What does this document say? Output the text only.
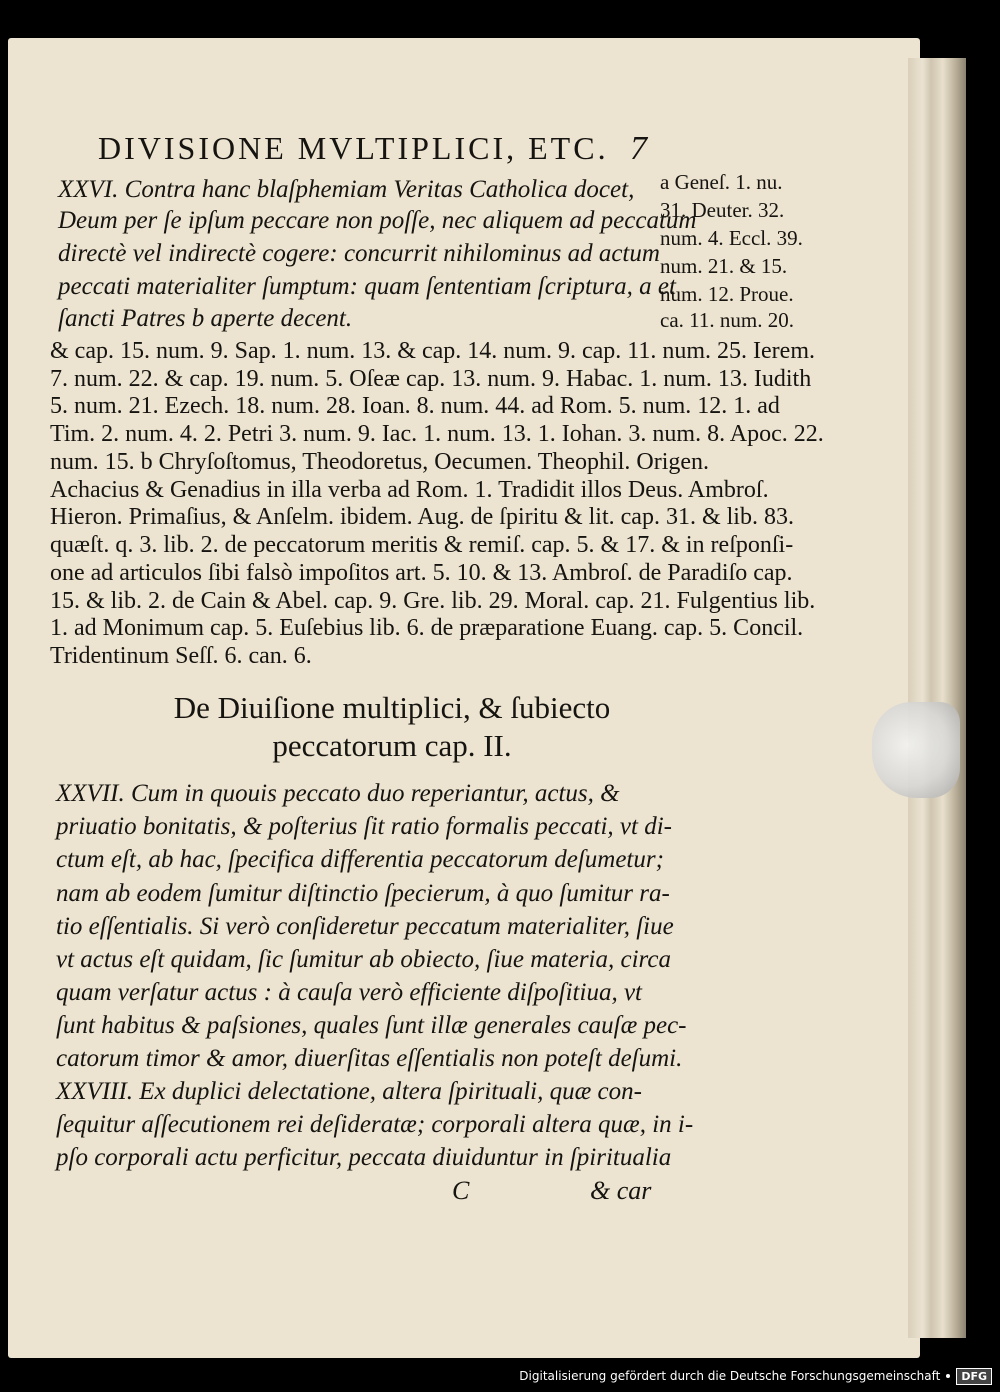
DIVISIONE MVLTIPLICI, ETC. 7
XXVI. Contra hanc blaſphemiam Veritas Catholica docet,
Deum per ſe ipſum peccare non poſſe, nec aliquem ad peccatum
directè vel indirectè cogere: concurrit nihilominus ad actum
peccati materialiter ſumptum: quam ſententiam ſcriptura, a et
ſancti Patres b aperte decent.
a Geneſ. 1. nu.
31. Deuter. 32.
num. 4. Eccl. 39.
num. 21. & 15.
num. 12. Proue.
ca. 11. num. 20.
& cap. 15. num. 9. Sap. 1. num. 13. & cap. 14. num. 9. cap. 11. num. 25. Ierem.
7. num. 22. & cap. 19. num. 5. Oſeæ cap. 13. num. 9. Habac. 1. num. 13. Iudith
5. num. 21. Ezech. 18. num. 28. Ioan. 8. num. 44. ad Rom. 5. num. 12. 1. ad
Tim. 2. num. 4. 2. Petri 3. num. 9. Iac. 1. num. 13. 1. Iohan. 3. num. 8. Apoc. 22.
num. 15. b Chryſoſtomus, Theodoretus, Oecumen. Theophil. Origen.
Achacius & Genadius in illa verba ad Rom. 1. Tradidit illos Deus. Ambroſ.
Hieron. Primaſius, & Anſelm. ibidem. Aug. de ſpiritu & lit. cap. 31. & lib. 83.
quæſt. q. 3. lib. 2. de peccatorum meritis & remiſ. cap. 5. & 17. & in reſponſi-
one ad articulos ſibi falsò impoſitos art. 5. 10. & 13. Ambroſ. de Paradiſo cap.
15. & lib. 2. de Cain & Abel. cap. 9. Gre. lib. 29. Moral. cap. 21. Fulgentius lib.
1. ad Monimum cap. 5. Euſebius lib. 6. de præparatione Euang. cap. 5. Concil.
Tridentinum Seſſ. 6. can. 6.
De Diuiſione multiplici, & ſubiecto
peccatorum cap. II.
XXVII. Cum in quouis peccato duo reperiantur, actus, &
priuatio bonitatis, & poſterius ſit ratio formalis peccati, vt di-
ctum eſt, ab hac, ſpecifica differentia peccatorum deſumetur;
nam ab eodem ſumitur diſtinctio ſpecierum, à quo ſumitur ra-
tio eſſentialis. Si verò conſideretur peccatum materialiter, ſiue
vt actus eſt quidam, ſic ſumitur ab obiecto, ſiue materia, circa
quam verſatur actus : à cauſa verò efficiente diſpoſitiua, vt
ſunt habitus & paſsiones, quales ſunt illæ generales cauſæ pec-
catorum timor & amor, diuerſitas eſſentialis non poteſt deſumi.
XXVIII. Ex duplici delectatione, altera ſpirituali, quæ con-
ſequitur aſſecutionem rei deſideratæ; corporali altera quæ, in i-
pſo corporali actu perficitur, peccata diuiduntur in ſpiritualia
C	& car
Digitalisierung gefördert durch die Deutsche Forschungsgemeinschaft	DFG
